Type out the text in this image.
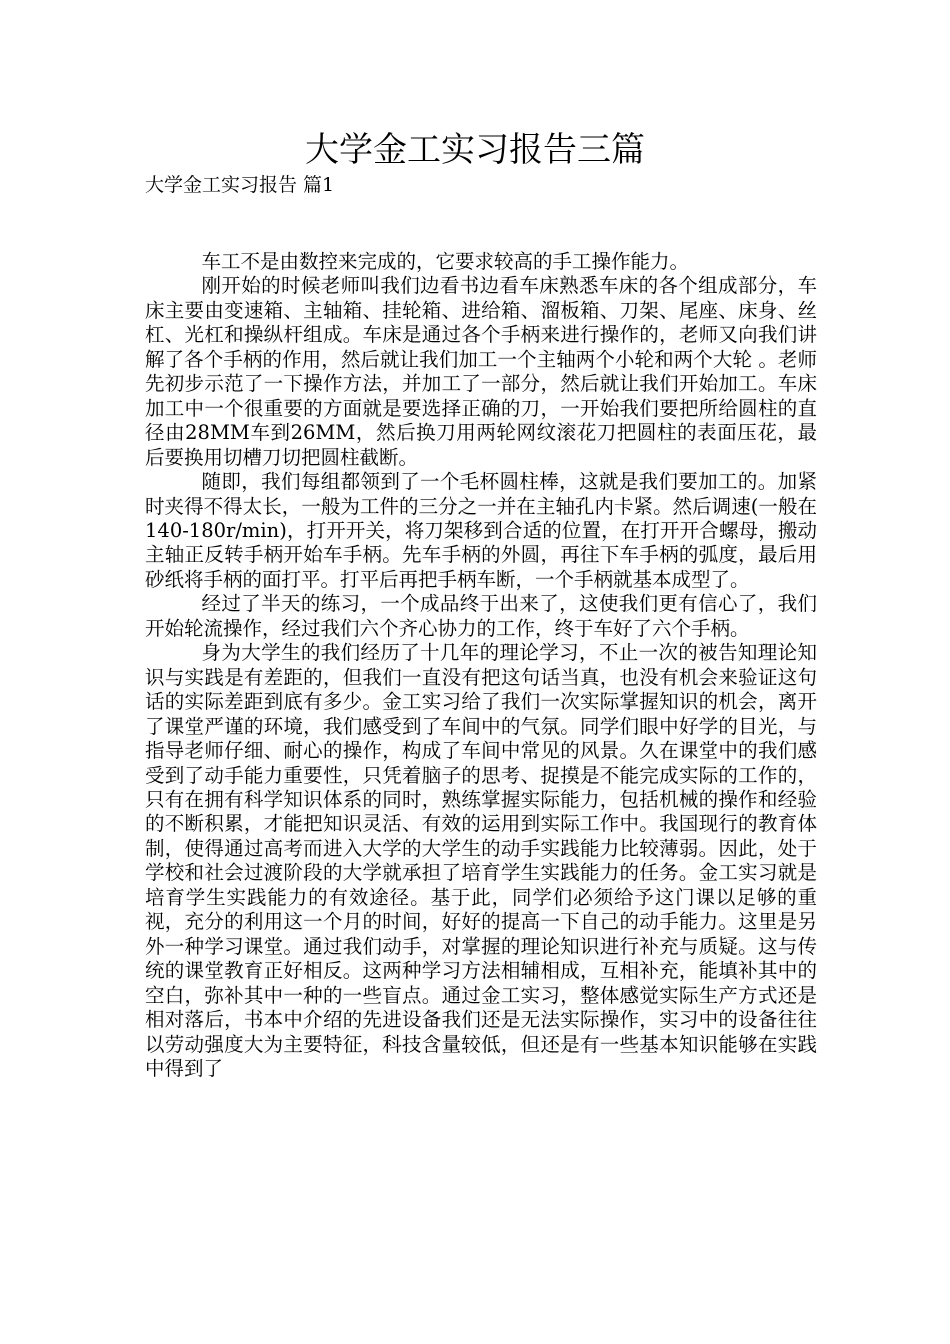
大学金工实习报告三篇
大学金工实习报告 篇1

车工不是由数控来完成的，它要求较高的手工操作能力。

刚开始的时候老师叫我们边看书边看车床熟悉车床的各个组成部分，车床主要由变速箱、主轴箱、挂轮箱、进给箱、溜板箱、刀架、尾座、床身、丝杠、光杠和操纵杆组成。车床是通过各个手柄来进行操作的，老师又向我们讲解了各个手柄的作用，然后就让我们加工一个主轴两个小轮和两个大轮 。老师先初步示范了一下操作方法，并加工了一部分，然后就让我们开始加工。车床加工中一个很重要的方面就是要选择正确的刀，一开始我们要把所给圆柱的直径由28MM车到26MM，然后换刀用两轮网纹滚花刀把圆柱的表面压花，最后要换用切槽刀切把圆柱截断。

随即，我们每组都领到了一个毛杯圆柱棒，这就是我们要加工的。加紧时夹得不得太长，一般为工件的三分之一并在主轴孔内卡紧。然后调速(一般在140-180r/min)，打开开关，将刀架移到合适的位置，在打开开合螺母，搬动主轴正反转手柄开始车手柄。先车手柄的外圆，再往下车手柄的弧度，最后用砂纸将手柄的面打平。打平后再把手柄车断，一个手柄就基本成型了。

经过了半天的练习，一个成品终于出来了，这使我们更有信心了，我们开始轮流操作，经过我们六个齐心协力的工作，终于车好了六个手柄。

身为大学生的我们经历了十几年的理论学习，不止一次的被告知理论知识与实践是有差距的，但我们一直没有把这句话当真，也没有机会来验证这句话的实际差距到底有多少。金工实习给了我们一次实际掌握知识的机会，离开了课堂严谨的环境，我们感受到了车间中的气氛。同学们眼中好学的目光，与指导老师仔细、耐心的操作，构成了车间中常见的风景。久在课堂中的我们感受到了动手能力重要性，只凭着脑子的思考、捉摸是不能完成实际的工作的，只有在拥有科学知识体系的同时，熟练掌握实际能力，包括机械的操作和经验的不断积累，才能把知识灵活、有效的运用到实际工作中。我国现行的教育体制，使得通过高考而进入大学的大学生的动手实践能力比较薄弱。因此，处于学校和社会过渡阶段的大学就承担了培育学生实践能力的任务。金工实习就是培育学生实践能力的有效途径。基于此，同学们必须给予这门课以足够的重视，充分的利用这一个月的时间，好好的提高一下自己的动手能力。这里是另外一种学习课堂。通过我们动手，对掌握的理论知识进行补充与质疑。这与传统的课堂教育正好相反。这两种学习方法相辅相成，互相补充，能填补其中的空白，弥补其中一种的一些盲点。通过金工实习，整体感觉实际生产方式还是相对落后，书本中介绍的先进设备我们还是无法实际操作，实习中的设备往往以劳动强度大为主要特征，科技含量较低，但还是有一些基本知识能够在实践中得到了
